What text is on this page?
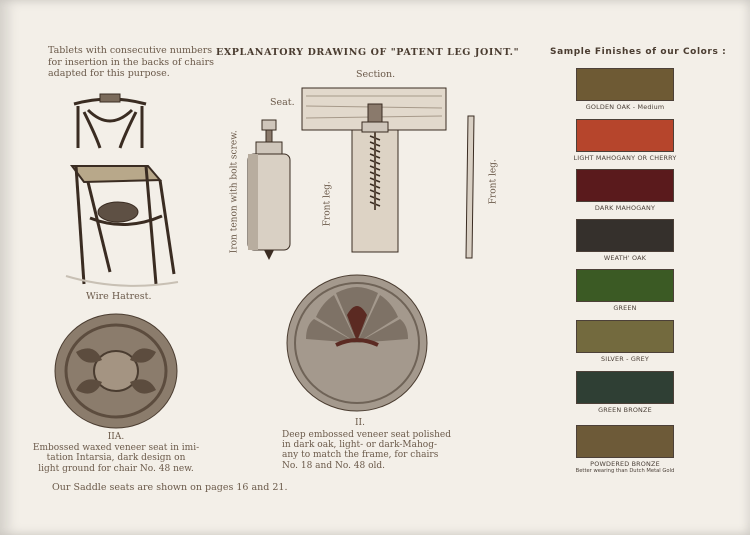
Tablets with consecutive numbers
for insertion in the backs of chairs
adapted for this purpose.
EXPLANATORY DRAWING OF "PATENT LEG JOINT."
Section.
Seat.
Wire Hatrest.
Iron tenon with bolt screw.	Front leg.	Front leg.
IIA.
Embossed waxed veneer seat in imi-
tation Intarsia, dark design on
light ground for chair No. 48 new.
II.
Deep embossed veneer seat polished
in dark oak, light- or dark-Mahog-
any to match the frame, for chairs
No. 18 and No. 48 old.
Our Saddle seats are shown on pages 16 and 21.
Sample Finishes of our Colors :
GOLDEN OAK - Medium
LIGHT MAHOGANY OR CHERRY
DARK MAHOGANY
WEATH' OAK
GREEN
SILVER - GREY
GREEN BRONZE
POWDERED BRONZE
Better wearing than Dutch Metal Gold
